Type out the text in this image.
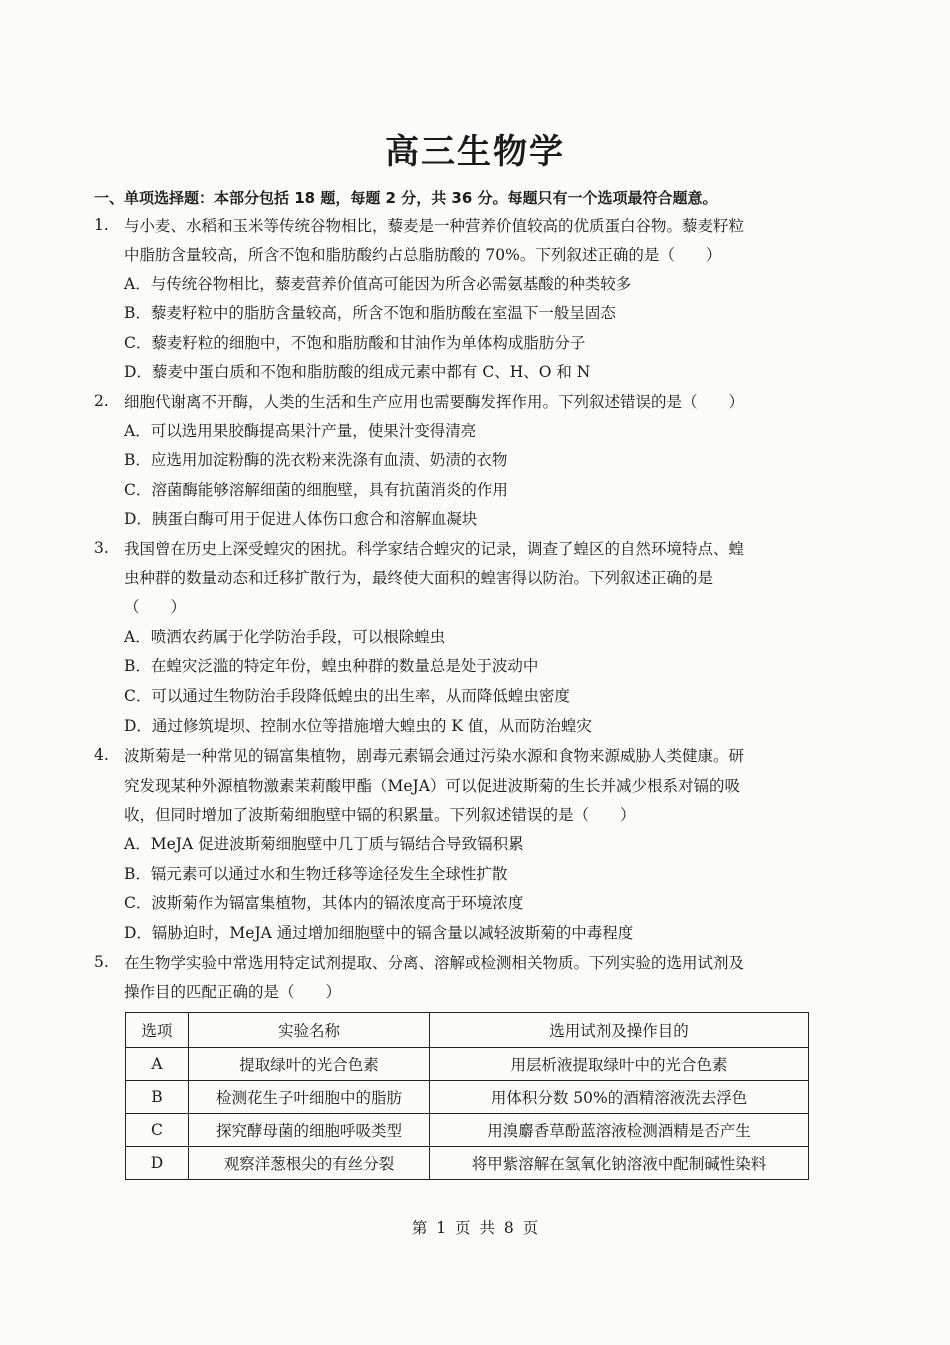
高三生物学
一、单项选择题：本部分包括 18 题，每题 2 分，共 36 分。每题只有一个选项最符合题意。
1. 与小麦、水稻和玉米等传统谷物相比，藜麦是一种营养价值较高的优质蛋白谷物。藜麦籽粒
中脂肪含量较高，所含不饱和脂肪酸约占总脂肪酸的 70%。下列叙述正确的是（　　）
A．与传统谷物相比，藜麦营养价值高可能因为所含必需氨基酸的种类较多
B．藜麦籽粒中的脂肪含量较高，所含不饱和脂肪酸在室温下一般呈固态
C．藜麦籽粒的细胞中，不饱和脂肪酸和甘油作为单体构成脂肪分子
D．藜麦中蛋白质和不饱和脂肪酸的组成元素中都有 C、H、O 和 N
2. 细胞代谢离不开酶，人类的生活和生产应用也需要酶发挥作用。下列叙述错误的是（　　）
A．可以选用果胶酶提高果汁产量，使果汁变得清亮
B．应选用加淀粉酶的洗衣粉来洗涤有血渍、奶渍的衣物
C．溶菌酶能够溶解细菌的细胞壁，具有抗菌消炎的作用
D．胰蛋白酶可用于促进人体伤口愈合和溶解血凝块
3. 我国曾在历史上深受蝗灾的困扰。科学家结合蝗灾的记录，调查了蝗区的自然环境特点、蝗
虫种群的数量动态和迁移扩散行为，最终使大面积的蝗害得以防治。下列叙述正确的是
（　　）
A．喷洒农药属于化学防治手段，可以根除蝗虫
B．在蝗灾泛滥的特定年份，蝗虫种群的数量总是处于波动中
C．可以通过生物防治手段降低蝗虫的出生率，从而降低蝗虫密度
D．通过修筑堤坝、控制水位等措施增大蝗虫的 K 值，从而防治蝗灾
4. 波斯菊是一种常见的镉富集植物，剧毒元素镉会通过污染水源和食物来源威胁人类健康。研
究发现某种外源植物激素茉莉酸甲酯（MeJA）可以促进波斯菊的生长并减少根系对镉的吸
收，但同时增加了波斯菊细胞壁中镉的积累量。下列叙述错误的是（　　）
A．MeJA 促进波斯菊细胞壁中几丁质与镉结合导致镉积累
B．镉元素可以通过水和生物迁移等途径发生全球性扩散
C．波斯菊作为镉富集植物，其体内的镉浓度高于环境浓度
D．镉胁迫时，MeJA 通过增加细胞壁中的镉含量以减轻波斯菊的中毒程度
5. 在生物学实验中常选用特定试剂提取、分离、溶解或检测相关物质。下列实验的选用试剂及
操作目的匹配正确的是（　　）
选项	实验名称	选用试剂及操作目的
A	提取绿叶的光合色素	用层析液提取绿叶中的光合色素
B	检测花生子叶细胞中的脂肪	用体积分数 50%的酒精溶液洗去浮色
C	探究酵母菌的细胞呼吸类型	用溴麝香草酚蓝溶液检测酒精是否产生
D	观察洋葱根尖的有丝分裂	将甲紫溶解在氢氧化钠溶液中配制碱性染料
第 1 页 共 8 页
